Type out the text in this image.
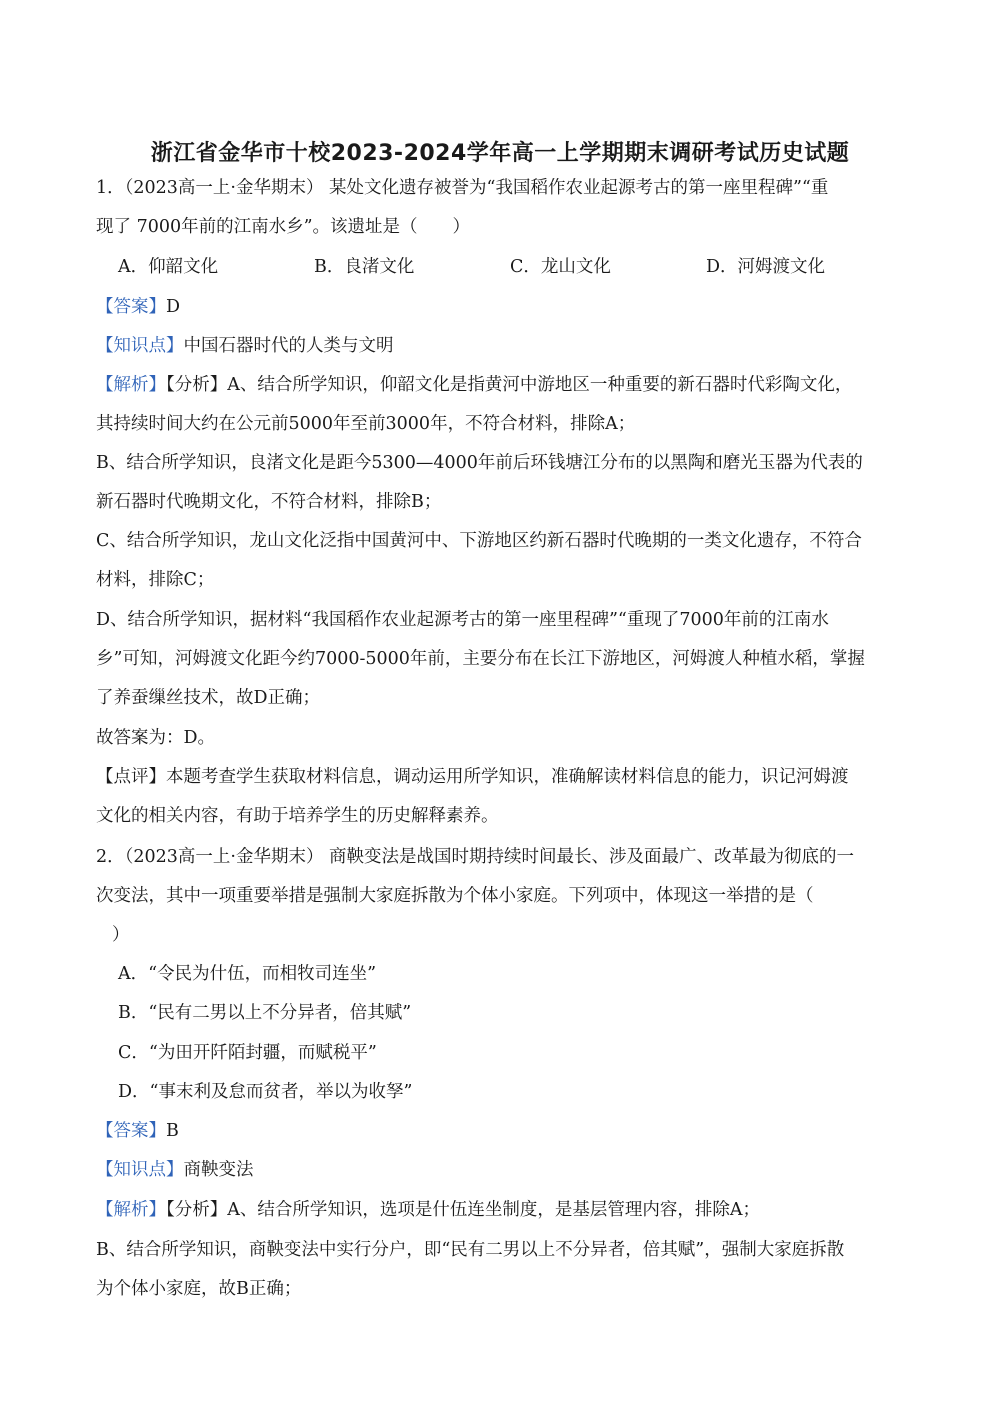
浙江省金华市十校2023-2024学年高一上学期期末调研考试历史试题
1．（2023高一上·金华期末） 某处文化遗存被誉为“我国稻作农业起源考古的第一座里程碑”“重
现了 7000年前的江南水乡”。该遗址是（　　）
A．仰韶文化	B．良渚文化	C．龙山文化	D．河姆渡文化
【答案】D
【知识点】中国石器时代的人类与文明
【解析】【分析】A、结合所学知识，仰韶文化是指黄河中游地区一种重要的新石器时代彩陶文化，
其持续时间大约在公元前5000年至前3000年，不符合材料，排除A；
B、结合所学知识，良渚文化是距今5300—4000年前后环钱塘江分布的以黑陶和磨光玉器为代表的
新石器时代晚期文化，不符合材料，排除B；
C、结合所学知识，龙山文化泛指中国黄河中、下游地区约新石器时代晚期的一类文化遗存，不符合
材料，排除C；
D、结合所学知识，据材料“我国稻作农业起源考古的第一座里程碑”“重现了7000年前的江南水
乡”可知，河姆渡文化距今约7000-5000年前，主要分布在长江下游地区，河姆渡人种植水稻，掌握
了养蚕缫丝技术，故D正确；
故答案为：D。
【点评】本题考查学生获取材料信息，调动运用所学知识，准确解读材料信息的能力，识记河姆渡
文化的相关内容，有助于培养学生的历史解释素养。
2．（2023高一上·金华期末） 商鞅变法是战国时期持续时间最长、涉及面最广、改革最为彻底的一
次变法，其中一项重要举措是强制大家庭拆散为个体小家庭。下列项中，体现这一举措的是（
）
A．“令民为什伍，而相牧司连坐”
B．“民有二男以上不分异者，倍其赋”
C．“为田开阡陌封疆，而赋税平”
D．“事末利及怠而贫者，举以为收孥”
【答案】B
【知识点】商鞅变法
【解析】【分析】A、结合所学知识，选项是什伍连坐制度，是基层管理内容，排除A；
B、结合所学知识，商鞅变法中实行分户，即“民有二男以上不分异者，倍其赋”，强制大家庭拆散
为个体小家庭，故B正确；
